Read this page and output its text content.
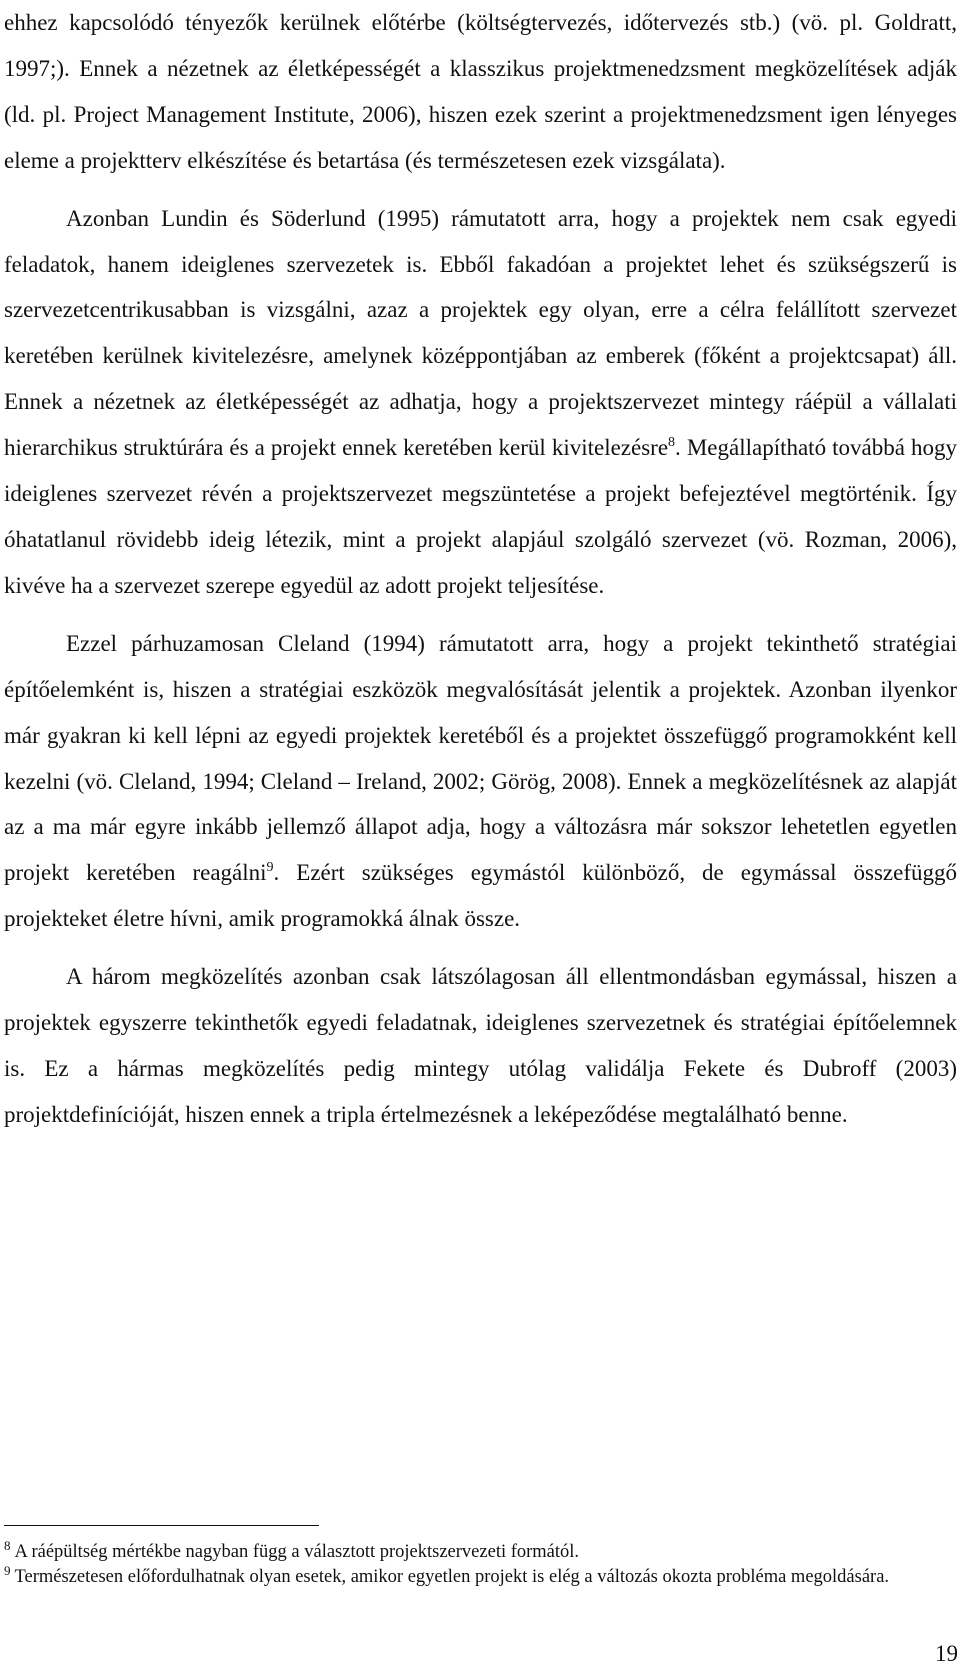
ehhez kapcsolódó tényezők kerülnek előtérbe (költségtervezés, időtervezés stb.) (vö. pl. Goldratt, 1997;). Ennek a nézetnek az életképességét a klasszikus projektmenedzsment megközelítések adják (ld. pl. Project Management Institute, 2006), hiszen ezek szerint a projektmenedzsment igen lényeges eleme a projektterv elkészítése és betartása (és természetesen ezek vizsgálata).

Azonban Lundin és Söderlund (1995) rámutatott arra, hogy a projektek nem csak egyedi feladatok, hanem ideiglenes szervezetek is. Ebből fakadóan a projektet lehet és szükségszerű is szervezetcentrikusabban is vizsgálni, azaz a projektek egy olyan, erre a célra felállított szervezet keretében kerülnek kivitelezésre, amelynek középpontjában az emberek (főként a projektcsapat) áll. Ennek a nézetnek az életképességét az adhatja, hogy a projektszervezet mintegy ráépül a vállalati hierarchikus struktúrára és a projekt ennek keretében kerül kivitelezésre$^8$. Megállapítható továbbá hogy ideiglenes szervezet révén a projektszervezet megszüntetése a projekt befejeztével megtörténik. Így óhatatlanul rövidebb ideig létezik, mint a projekt alapjául szolgáló szervezet (vö. Rozman, 2006), kivéve ha a szervezet szerepe egyedül az adott projekt teljesítése.

Ezzel párhuzamosan Cleland (1994) rámutatott arra, hogy a projekt tekinthető stratégiai építőelemként is, hiszen a stratégiai eszközök megvalósítását jelentik a projektek. Azonban ilyenkor már gyakran ki kell lépni az egyedi projektek keretéből és a projektet összefüggő programokként kell kezelni (vö. Cleland, 1994; Cleland – Ireland, 2002; Görög, 2008). Ennek a megközelítésnek az alapját az a ma már egyre inkább jellemző állapot adja, hogy a változásra már sokszor lehetetlen egyetlen projekt keretében reagálni$^9$. Ezért szükséges egymástól különböző, de egymással összefüggő projekteket életre hívni, amik programokká álnak össze.

A három megközelítés azonban csak látszólagosan áll ellentmondásban egymással, hiszen a projektek egyszerre tekinthetők egyedi feladatnak, ideiglenes szervezetnek és stratégiai építőelemnek is. Ez a hármas megközelítés pedig mintegy utólag validálja Fekete és Dubroff (2003) projektdefinícióját, hiszen ennek a tripla értelmezésnek a leképeződése megtalálható benne.

$^8$ A ráépültség mértékbe nagyban függ a választott projektszervezeti formától.

$^9$ Természetesen előfordulhatnak olyan esetek, amikor egyetlen projekt is elég a változás okozta probléma megoldására.

19
